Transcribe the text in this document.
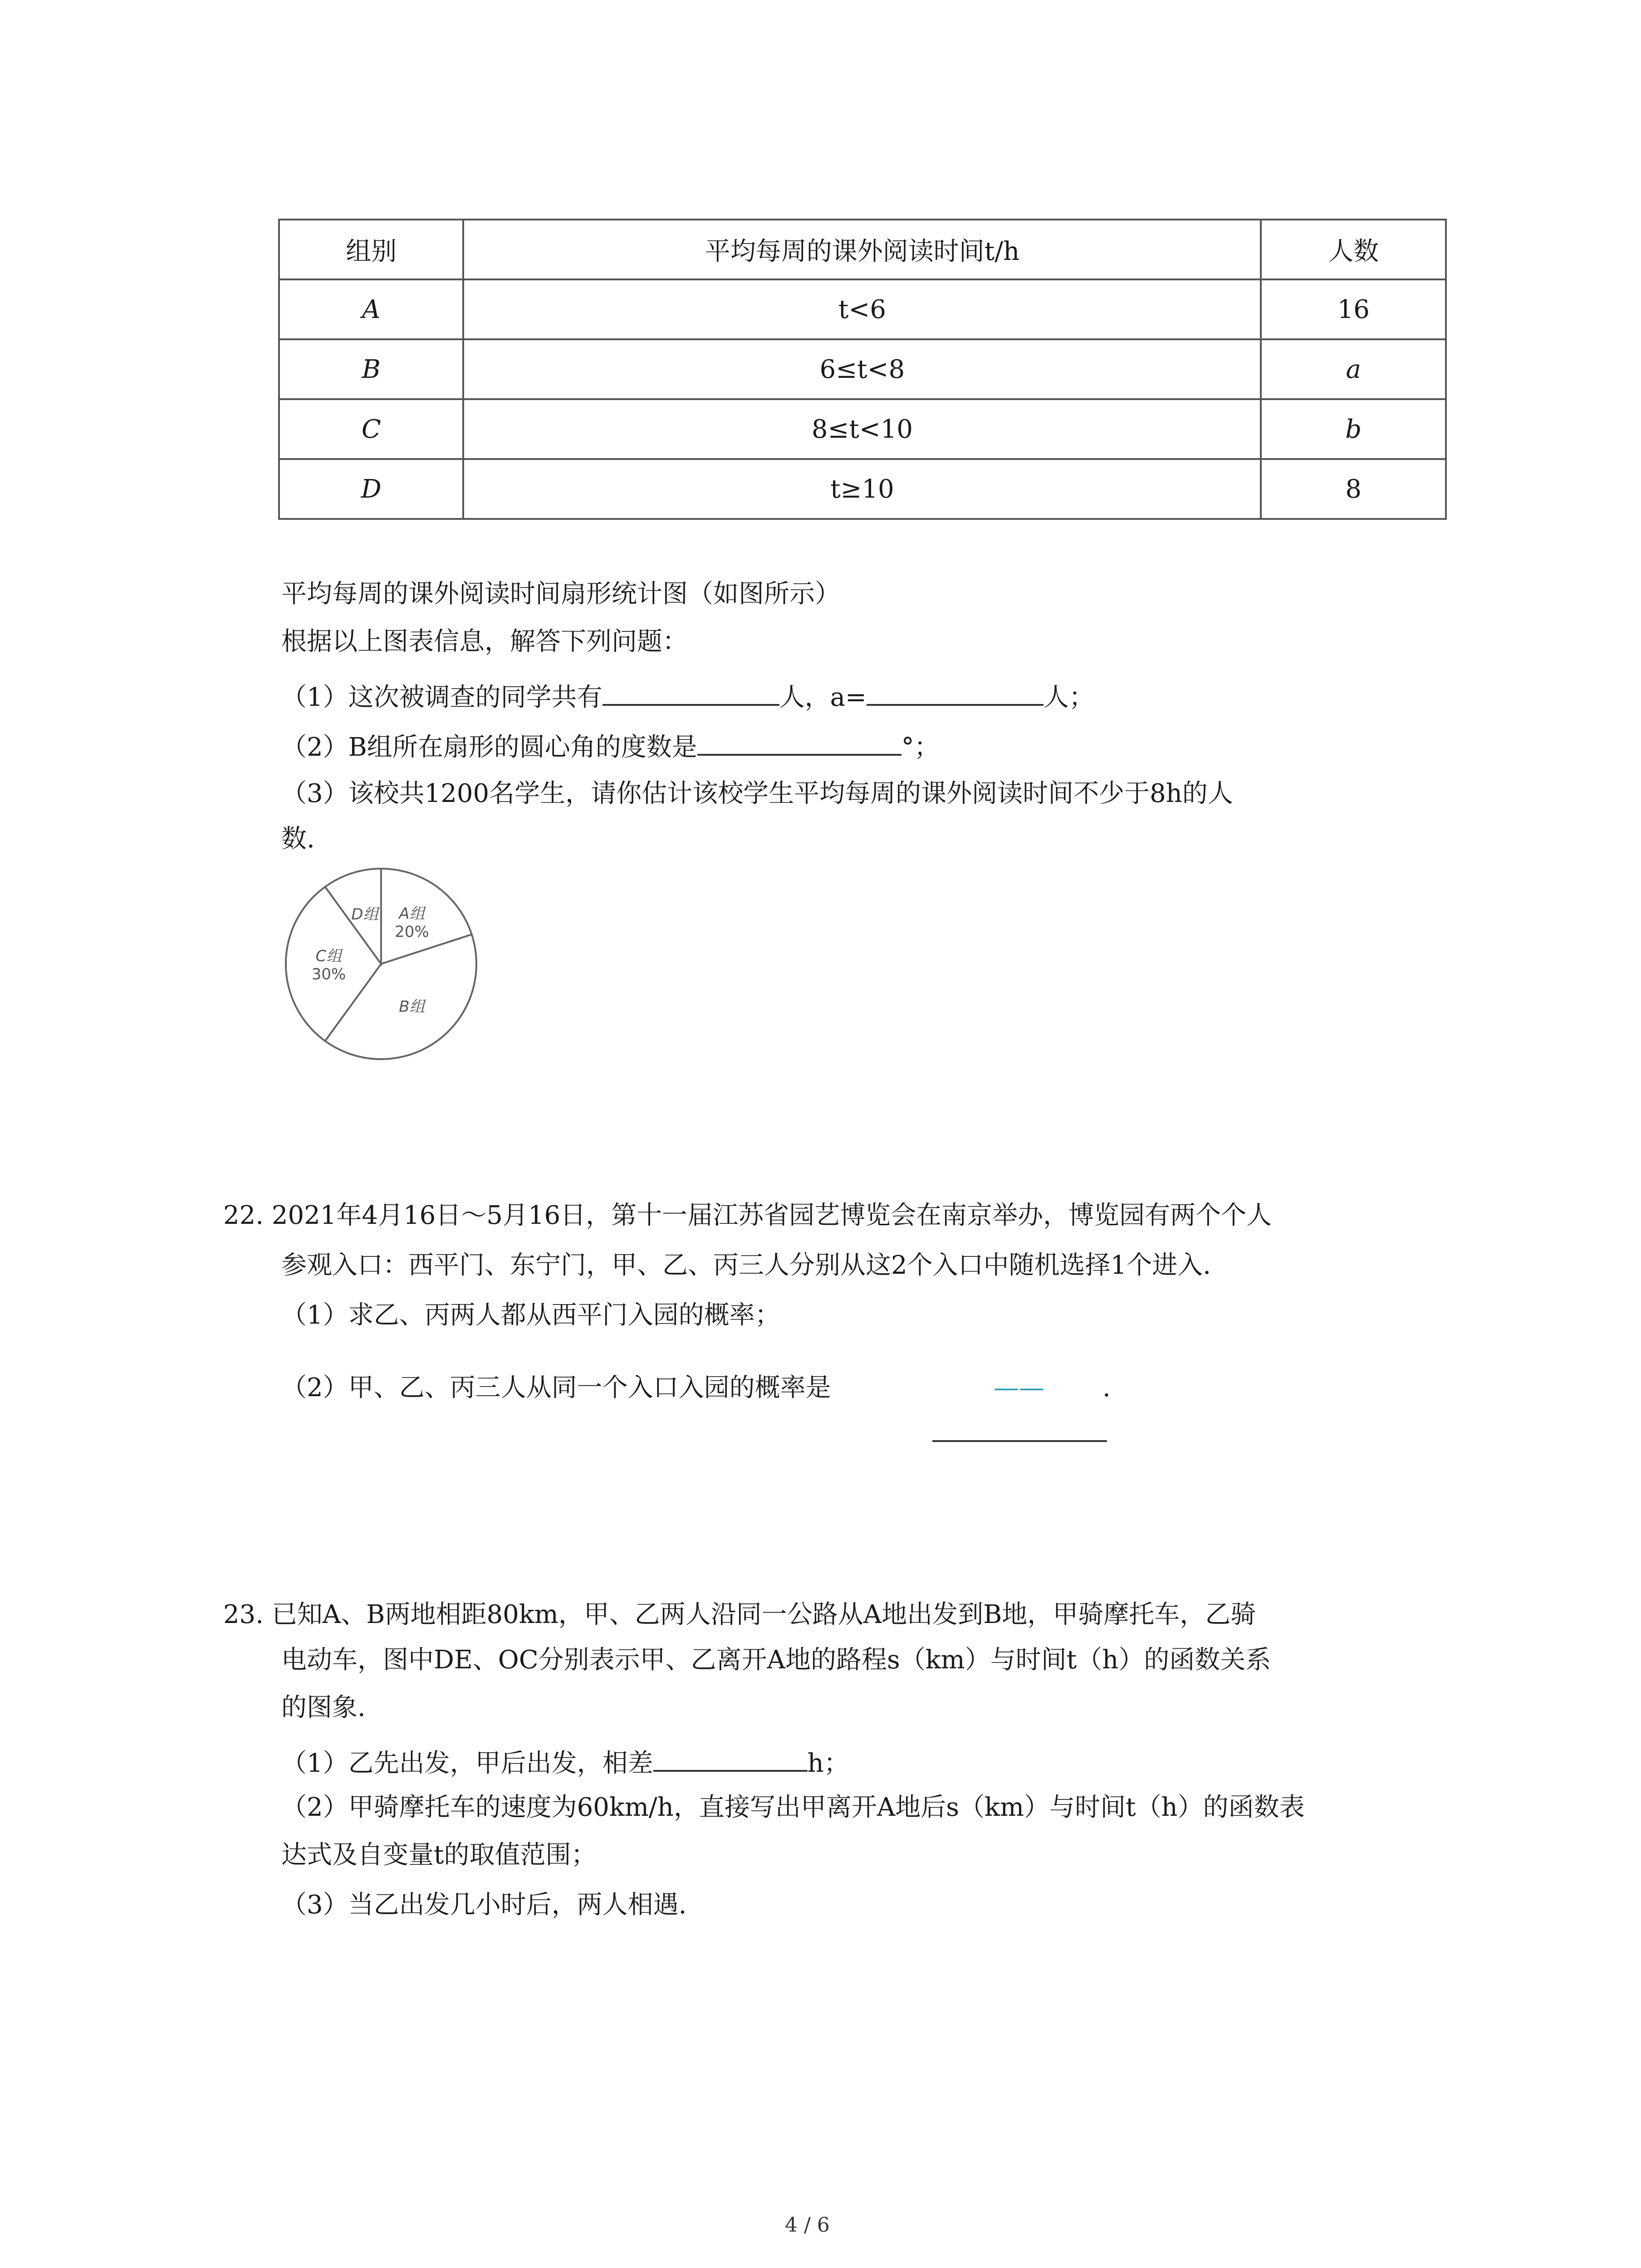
组别	平均每周的课外阅读时间t/h	人数
A	t<6	16
B	6≤t<8	a
C	8≤t<10	b
D	t≥10	8
平均每周的课外阅读时间扇形统计图（如图所示）
根据以上图表信息，解答下列问题：
（1）这次被调查的同学共有	人，a=	人；
（2）B组所在扇形的圆心角的度数是	°；
（3）该校共1200名学生，请你估计该校学生平均每周的课外阅读时间不少于8h的人
数.
A组
20%
B组
C组
30%
D组
22. 2021年4月16日～5月16日，第十一届江苏省园艺博览会在南京举办，博览园有两个个人
参观入口：西平门、东宁门，甲、乙、丙三人分别从这2个入口中随机选择1个进入.
（1）求乙、丙两人都从西平门入园的概率；
（2）甲、乙、丙三人从同一个入口入园的概率是	—— .
23. 已知A、B两地相距80km，甲、乙两人沿同一公路从A地出发到B地，甲骑摩托车，乙骑
电动车，图中DE、OC分别表示甲、乙离开A地的路程s（km）与时间t（h）的函数关系
的图象.
（1）乙先出发，甲后出发，相差	h；
（2）甲骑摩托车的速度为60km/h，直接写出甲离开A地后s（km）与时间t（h）的函数表
达式及自变量t的取值范围；
（3）当乙出发几小时后，两人相遇.
4 / 6
